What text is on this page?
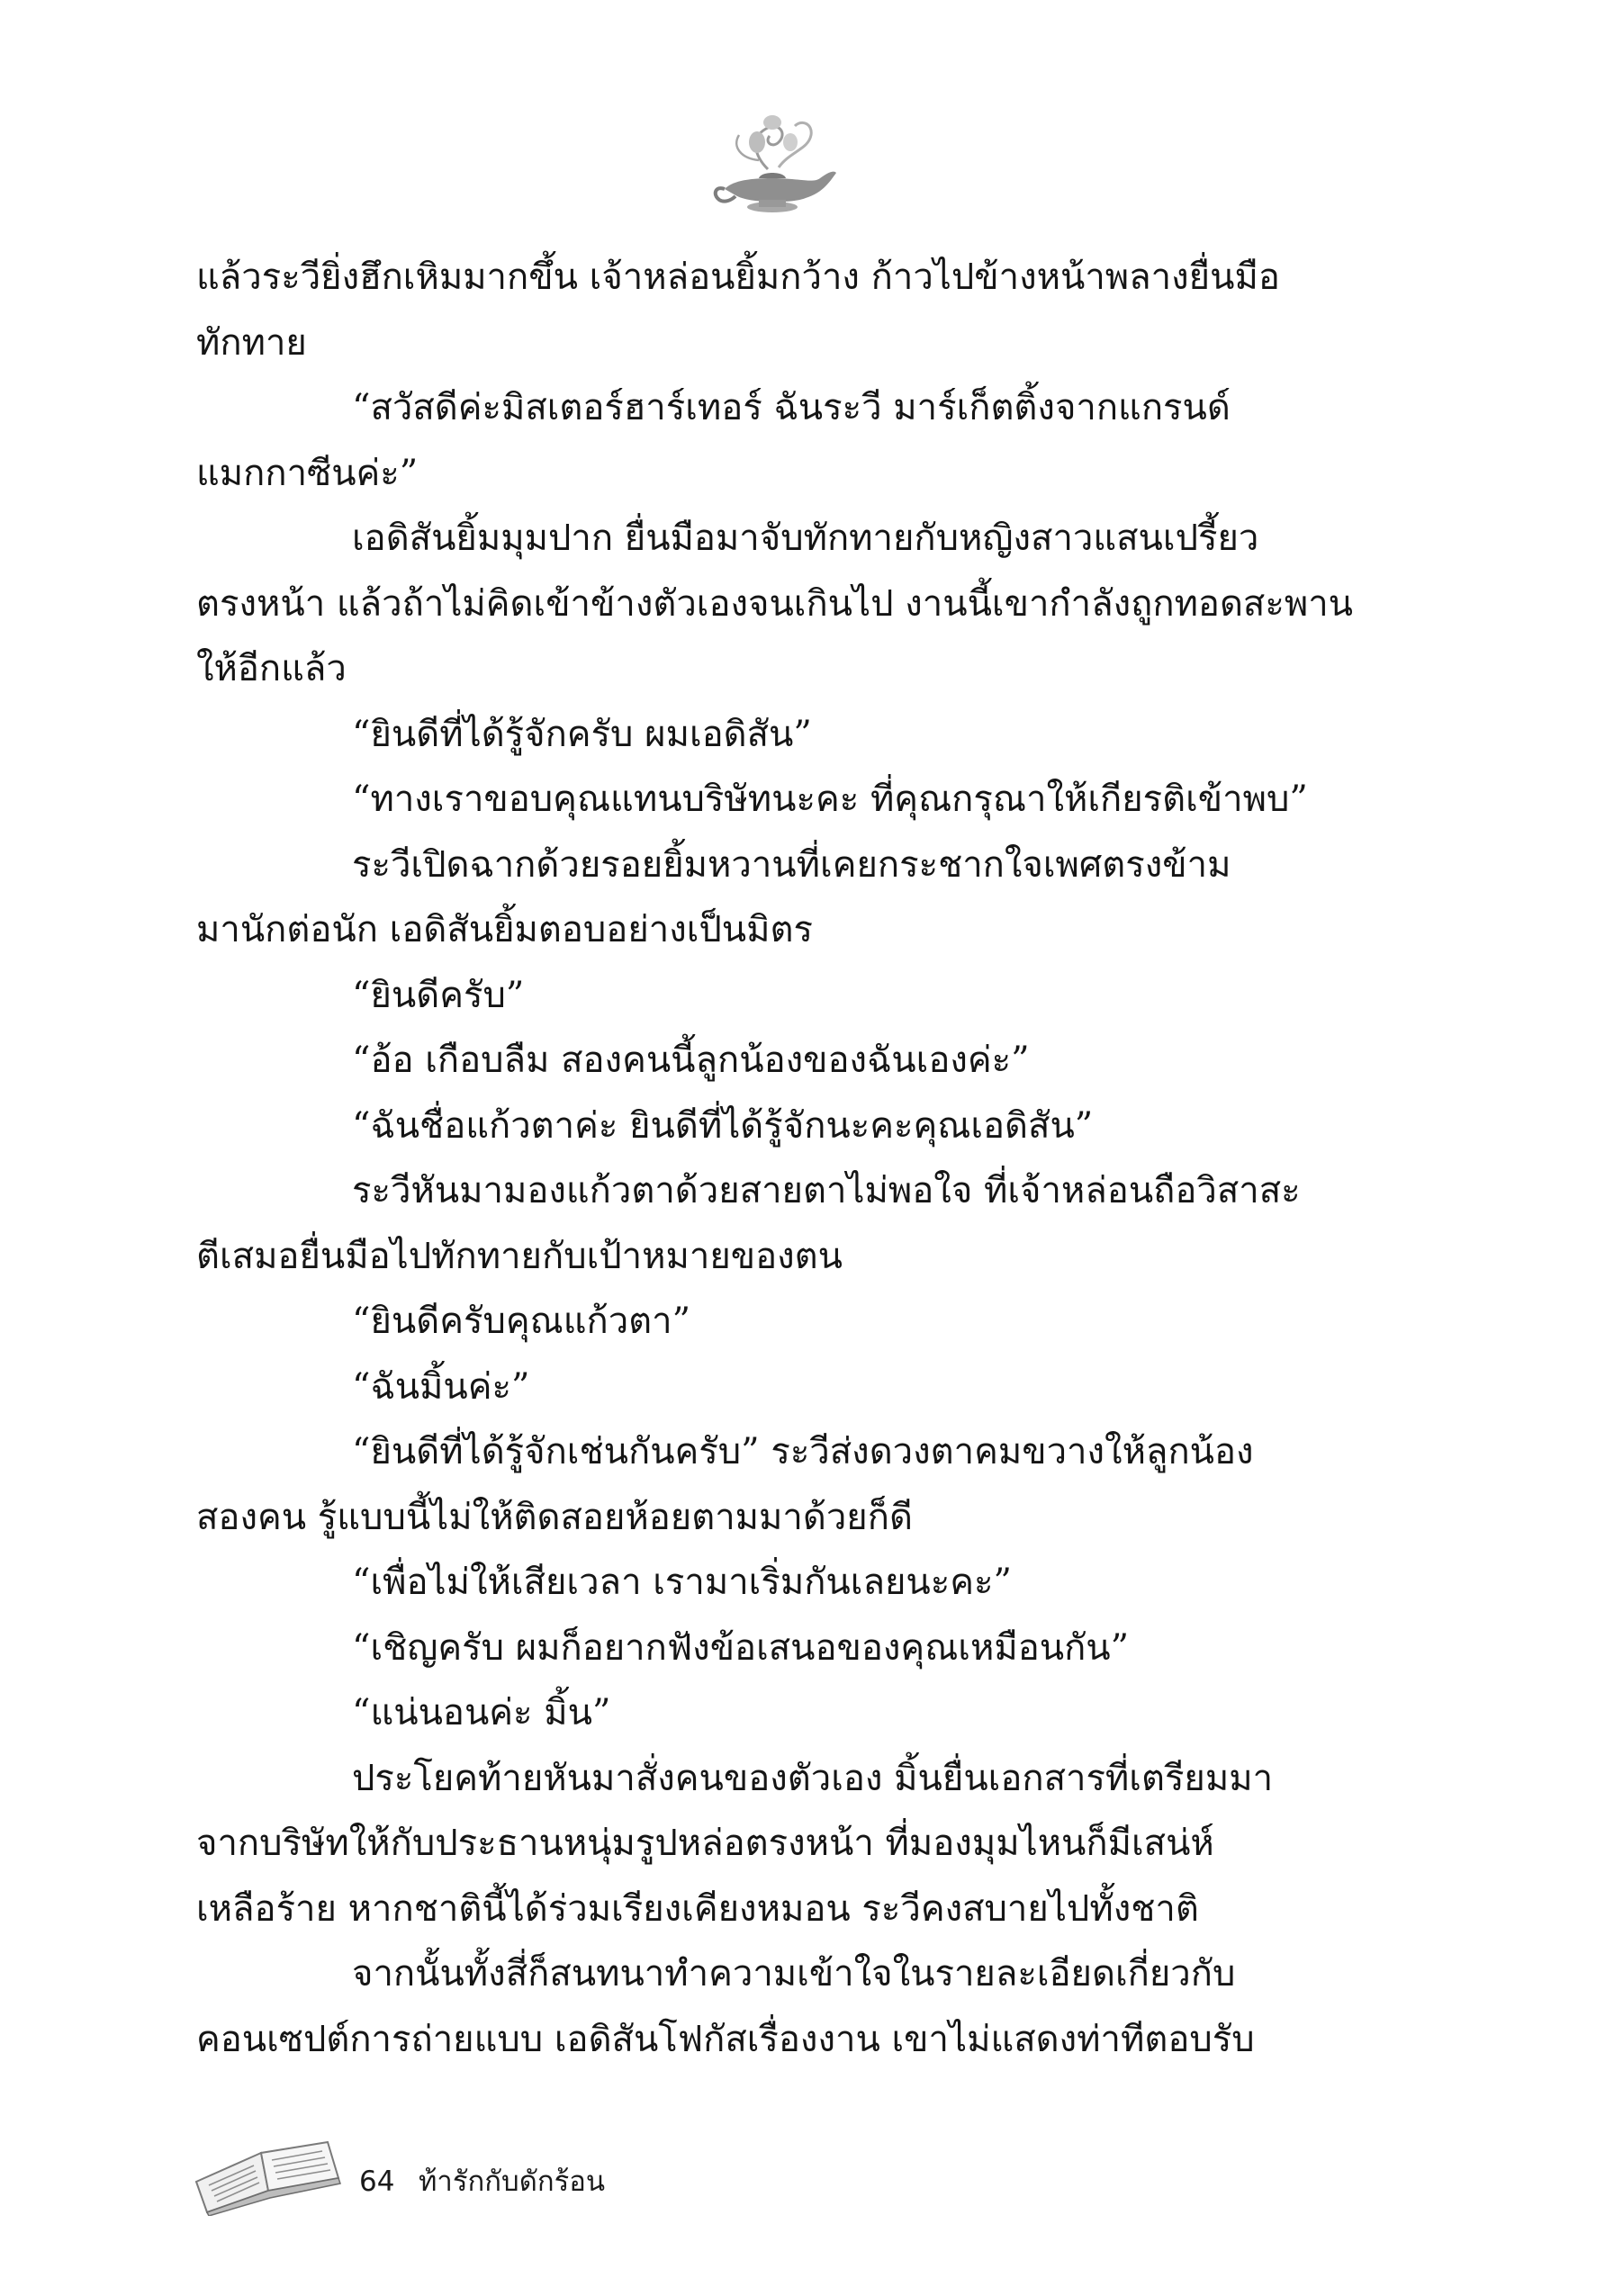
แล้วระวียิ่งฮึกเหิมมากขึ้น เจ้าหล่อนยิ้มกว้าง ก้าวไปข้างหน้าพลางยื่นมือ
ทักทาย
“สวัสดีค่ะมิสเตอร์ฮาร์เทอร์ ฉันระวี มาร์เก็ตติ้งจากแกรนด์
แมกกาซีนค่ะ”
เอดิสันยิ้มมุมปาก ยื่นมือมาจับทักทายกับหญิงสาวแสนเปรี้ยว
ตรงหน้า แล้วถ้าไม่คิดเข้าข้างตัวเองจนเกินไป งานนี้เขากำลังถูกทอดสะพาน
ให้อีกแล้ว
“ยินดีที่ได้รู้จักครับ ผมเอดิสัน”
“ทางเราขอบคุณแทนบริษัทนะคะ ที่คุณกรุณาให้เกียรติเข้าพบ”
ระวีเปิดฉากด้วยรอยยิ้มหวานที่เคยกระชากใจเพศตรงข้าม
มานักต่อนัก เอดิสันยิ้มตอบอย่างเป็นมิตร
“ยินดีครับ”
“อ้อ เกือบลืม สองคนนี้ลูกน้องของฉันเองค่ะ”
“ฉันชื่อแก้วตาค่ะ ยินดีที่ได้รู้จักนะคะคุณเอดิสัน”
ระวีหันมามองแก้วตาด้วยสายตาไม่พอใจ ที่เจ้าหล่อนถือวิสาสะ
ตีเสมอยื่นมือไปทักทายกับเป้าหมายของตน
“ยินดีครับคุณแก้วตา”
“ฉันมิ้นค่ะ”
“ยินดีที่ได้รู้จักเช่นกันครับ” ระวีส่งดวงตาคมขวางให้ลูกน้อง
สองคน รู้แบบนี้ไม่ให้ติดสอยห้อยตามมาด้วยก็ดี
“เพื่อไม่ให้เสียเวลา เรามาเริ่มกันเลยนะคะ”
“เชิญครับ ผมก็อยากฟังข้อเสนอของคุณเหมือนกัน”
“แน่นอนค่ะ มิ้น”
ประโยคท้ายหันมาสั่งคนของตัวเอง มิ้นยื่นเอกสารที่เตรียมมา
จากบริษัทให้กับประธานหนุ่มรูปหล่อตรงหน้า ที่มองมุมไหนก็มีเสน่ห์
เหลือร้าย หากชาตินี้ได้ร่วมเรียงเคียงหมอน ระวีคงสบายไปทั้งชาติ
จากนั้นทั้งสี่ก็สนทนาทำความเข้าใจในรายละเอียดเกี่ยวกับ
คอนเซปต์การถ่ายแบบ เอดิสันโฟกัสเรื่องงาน เขาไม่แสดงท่าทีตอบรับ
64 ท้ารักกับดักร้อน
